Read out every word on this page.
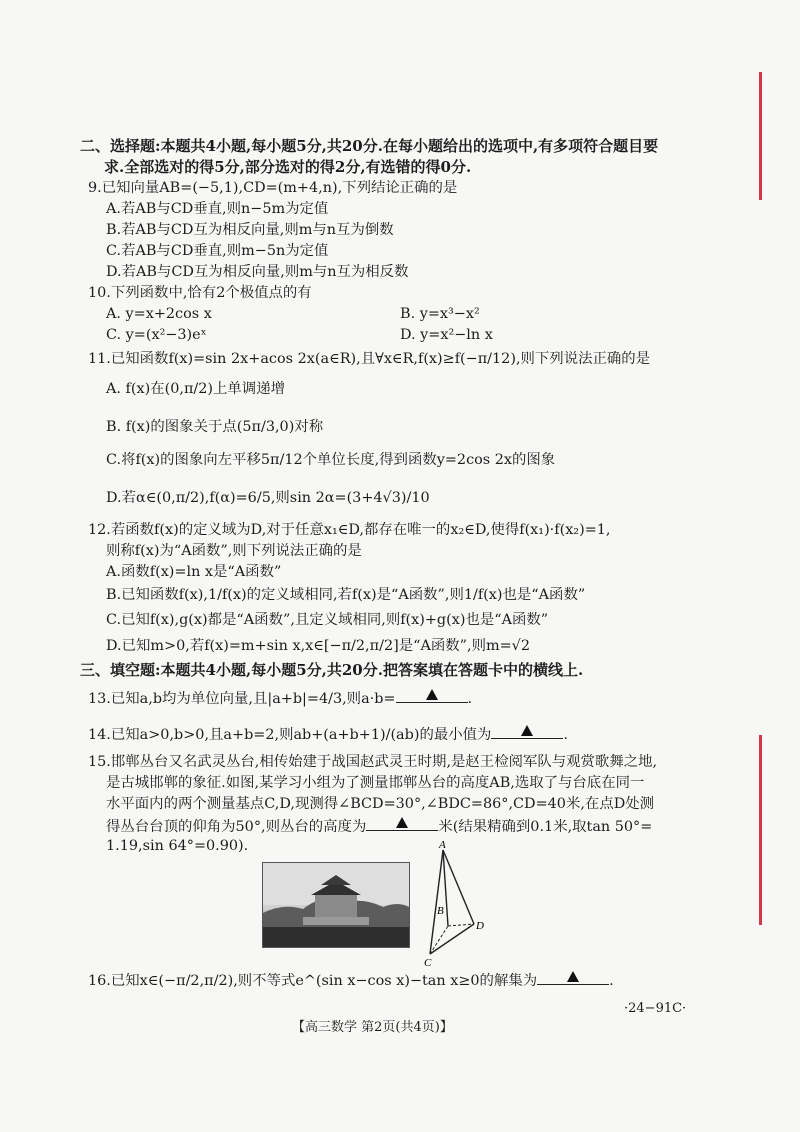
二、选择题:本题共4小题,每小题5分,共20分.在每小题给出的选项中,有多项符合题目要
求.全部选对的得5分,部分选对的得2分,有选错的得0分.
9.已知向量AB=(−5,1),CD=(m+4,n),下列结论正确的是
A.若AB与CD垂直,则n−5m为定值
B.若AB与CD互为相反向量,则m与n互为倒数
C.若AB与CD垂直,则m−5n为定值
D.若AB与CD互为相反向量,则m与n互为相反数
10.下列函数中,恰有2个极值点的有
A. y=x+2cos x	B. y=x³−x²
C. y=(x²−3)eˣ	D. y=x²−ln x
11.已知函数f(x)=sin 2x+acos 2x(a∈R),且∀x∈R,f(x)≥f(−π/12),则下列说法正确的是
A. f(x)在(0,π/2)上单调递增
B. f(x)的图象关于点(5π/3,0)对称
C.将f(x)的图象向左平移5π/12个单位长度,得到函数y=2cos 2x的图象
D.若α∈(0,π/2),f(α)=6/5,则sin 2α=(3+4√3)/10
12.若函数f(x)的定义域为D,对于任意x₁∈D,都存在唯一的x₂∈D,使得f(x₁)·f(x₂)=1,
则称f(x)为“A函数”,则下列说法正确的是
A.函数f(x)=ln x是“A函数”
B.已知函数f(x),1/f(x)的定义域相同,若f(x)是“A函数”,则1/f(x)也是“A函数”
C.已知f(x),g(x)都是“A函数”,且定义域相同,则f(x)+g(x)也是“A函数”
D.已知m>0,若f(x)=m+sin x,x∈[−π/2,π/2]是“A函数”,则m=√2
三、填空题:本题共4小题,每小题5分,共20分.把答案填在答题卡中的横线上.
13.已知a,b均为单位向量,且|a+b|=4/3,则a·b=	.
14.已知a>0,b>0,且a+b=2,则ab+(a+b+1)/(ab)的最小值为	.
15.邯郸丛台又名武灵丛台,相传始建于战国赵武灵王时期,是赵王检阅军队与观赏歌舞之地,
是古城邯郸的象征.如图,某学习小组为了测量邯郸丛台的高度AB,选取了与台底在同一
水平面内的两个测量基点C,D,现测得∠BCD=30°,∠BDC=86°,CD=40米,在点D处测
得丛台台顶的仰角为50°,则丛台的高度为	米(结果精确到0.1米,取tan 50°=
1.19,sin 64°=0.90).	A
B
C
D
16.已知x∈(−π/2,π/2),则不等式e^(sin x−cos x)−tan x≥0的解集为	.
【高三数学 第2页(共4页)】
·24−91C·
